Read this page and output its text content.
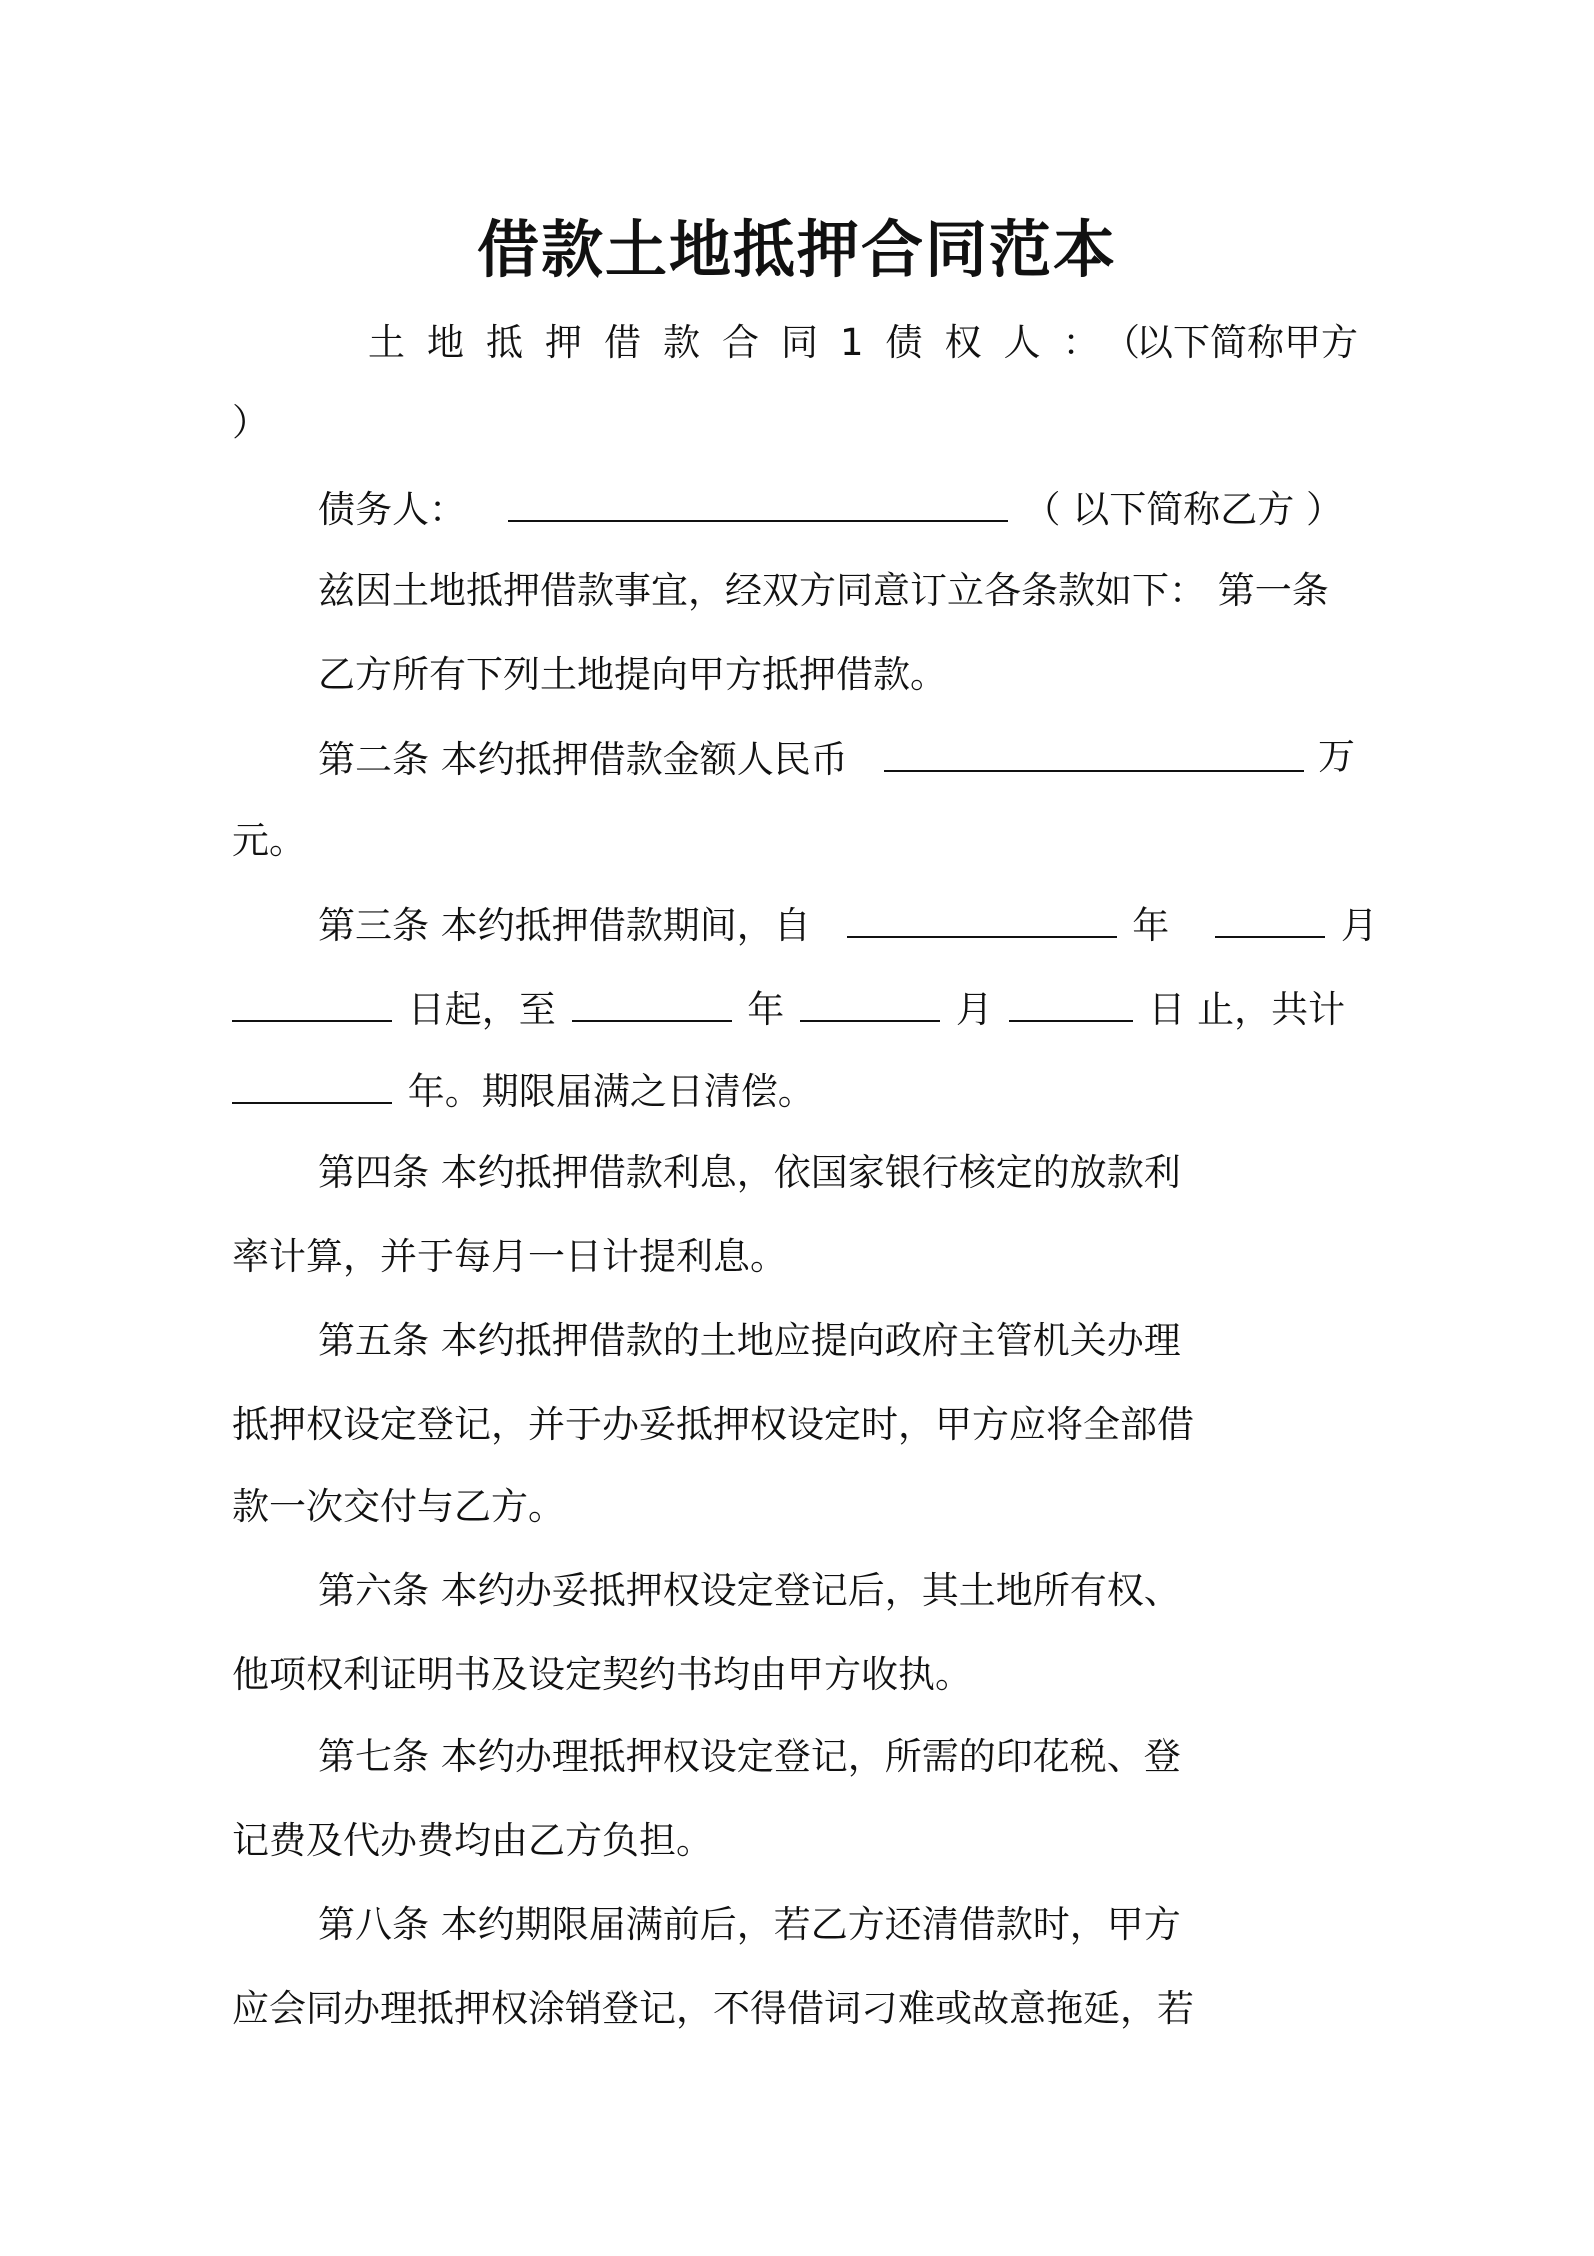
借款土地抵押合同范本
土地抵押借款合同1债权人：（
以下简称甲方
）
债务人：	（ 以下简称乙方 ）
兹因土地抵押借款事宜，经双方同意订立各条款如下： 第一条
乙方所有下列土地提向甲方抵押借款。
第二条 本约抵押借款金额人民币	万
元。
第三条 本约抵押借款期间，自	年	月
日起，至	年	月	日 止，共计
年。期限届满之日清偿。
第四条 本约抵押借款利息，依国家银行核定的放款利
率计算，并于每月一日计提利息。
第五条 本约抵押借款的土地应提向政府主管机关办理
抵押权设定登记，并于办妥抵押权设定时，甲方应将全部借
款一次交付与乙方。
第六条 本约办妥抵押权设定登记后，其土地所有权、
他项权利证明书及设定契约书均由甲方收执。
第七条 本约办理抵押权设定登记，所需的印花税、登
记费及代办费均由乙方负担。
第八条 本约期限届满前后，若乙方还清借款时，甲方
应会同办理抵押权涂销登记，不得借词刁难或故意拖延，若
